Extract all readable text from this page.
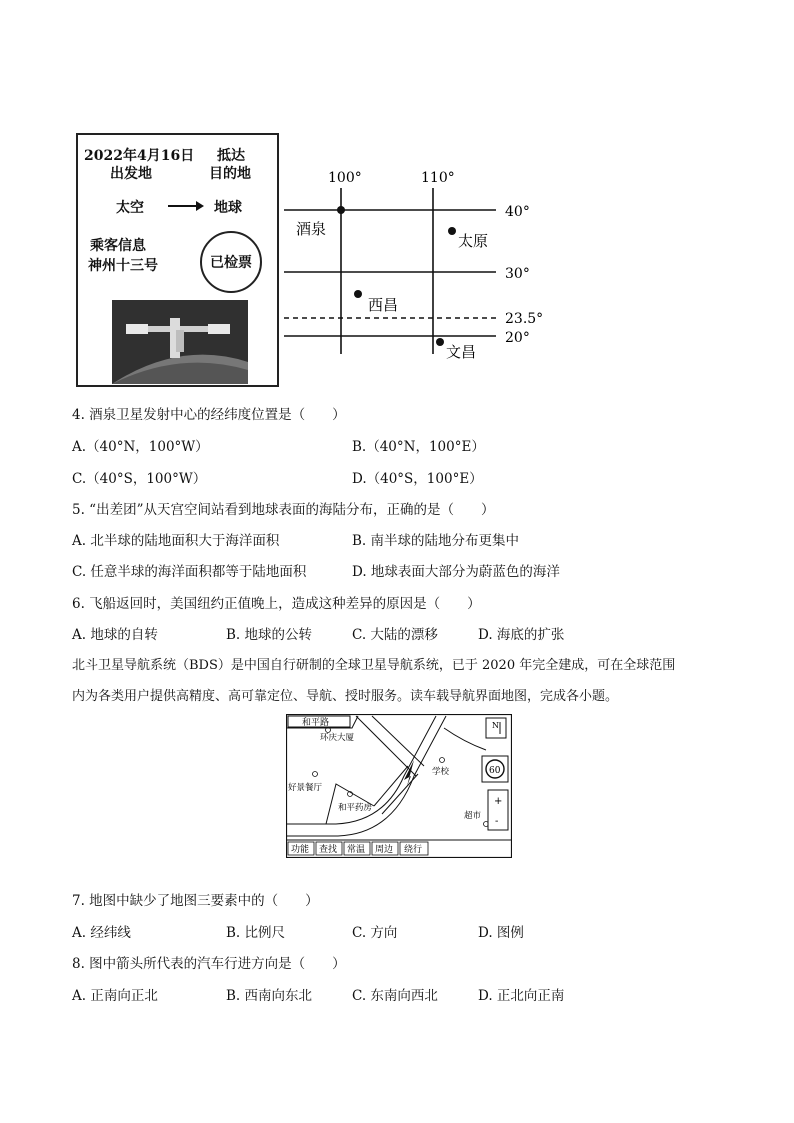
2022年4月16日
出发地
抵达
目的地
太空	地球
乘客信息
神州十三号	已检票
100°	110°
40°
30°
23.5°
20°
酒泉
太原
西昌
文昌
4. 酒泉卫星发射中心的经纬度位置是（　　）
A.（40°N，100°W）	B.（40°N，100°E）
C.（40°S，100°W）	D.（40°S，100°E）
5. “出差团”从天宫空间站看到地球表面的海陆分布，正确的是（　　）
A. 北半球的陆地面积大于海洋面积	B. 南半球的陆地分布更集中
C. 任意半球的海洋面积都等于陆地面积	D. 地球表面大部分为蔚蓝色的海洋
6. 飞船返回时，美国纽约正值晚上，造成这种差异的原因是（　　）
A. 地球的自转	B. 地球的公转	C. 大陆的漂移	D. 海底的扩张
北斗卫星导航系统（BDS）是中国自行研制的全球卫星导航系统，已于 2020 年完全建成，可在全球范围
内为各类用户提供高精度、高可靠定位、导航、授时服务。读车载导航界面地图，完成各小题。
和平路
环庆大厦
学校
好景餐厅
和平药房
超市
N
60
+
-
功能 查找 常温 周边 绕行
7. 地图中缺少了地图三要素中的（　　）
A. 经纬线	B. 比例尺	C. 方向	D. 图例
8. 图中箭头所代表的汽车行进方向是（　　）
A. 正南向正北	B. 西南向东北	C. 东南向西北	D. 正北向正南
